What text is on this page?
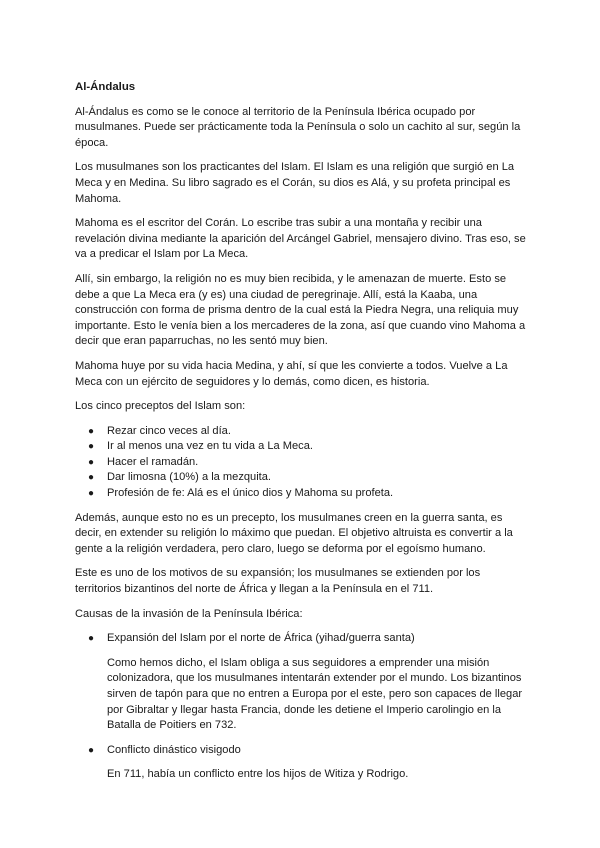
Al-Ándalus

Al-Ándalus es como se le conoce al territorio de la Península Ibérica ocupado por musulmanes. Puede ser prácticamente toda la Península o solo un cachito al sur, según la época.

Los musulmanes son los practicantes del Islam. El Islam es una religión que surgió en La Meca y en Medina. Su libro sagrado es el Corán, su dios es Alá, y su profeta principal es Mahoma.

Mahoma es el escritor del Corán. Lo escribe tras subir a una montaña y recibir una revelación divina mediante la aparición del Arcángel Gabriel, mensajero divino. Tras eso, se va a predicar el Islam por La Meca.

Allí, sin embargo, la religión no es muy bien recibida, y le amenazan de muerte. Esto se debe a que La Meca era (y es) una ciudad de peregrinaje. Allí, está la Kaaba, una construcción con forma de prisma dentro de la cual está la Piedra Negra, una reliquia muy importante. Esto le venía bien a los mercaderes de la zona, así que cuando vino Mahoma a decir que eran paparruchas, no les sentó muy bien.

Mahoma huye por su vida hacia Medina, y ahí, sí que les convierte a todos. Vuelve a La Meca con un ejército de seguidores y lo demás, como dicen, es historia.

Los cinco preceptos del Islam son:

● Rezar cinco veces al día.
● Ir al menos una vez en tu vida a La Meca.
● Hacer el ramadán.
● Dar limosna (10%) a la mezquita.
● Profesión de fe: Alá es el único dios y Mahoma su profeta.

Además, aunque esto no es un precepto, los musulmanes creen en la guerra santa, es decir, en extender su religión lo máximo que puedan. El objetivo altruista es convertir a la gente a la religión verdadera, pero claro, luego se deforma por el egoísmo humano.

Este es uno de los motivos de su expansión; los musulmanes se extienden por los territorios bizantinos del norte de África y llegan a la Península en el 711.

Causas de la invasión de la Península Ibérica:

● Expansión del Islam por el norte de África (yihad/guerra santa)

Como hemos dicho, el Islam obliga a sus seguidores a emprender una misión colonizadora, que los musulmanes intentarán extender por el mundo. Los bizantinos sirven de tapón para que no entren a Europa por el este, pero son capaces de llegar por Gibraltar y llegar hasta Francia, donde les detiene el Imperio carolingio en la Batalla de Poitiers en 732.

● Conflicto dinástico visigodo

En 711, había un conflicto entre los hijos de Witiza y Rodrigo.
